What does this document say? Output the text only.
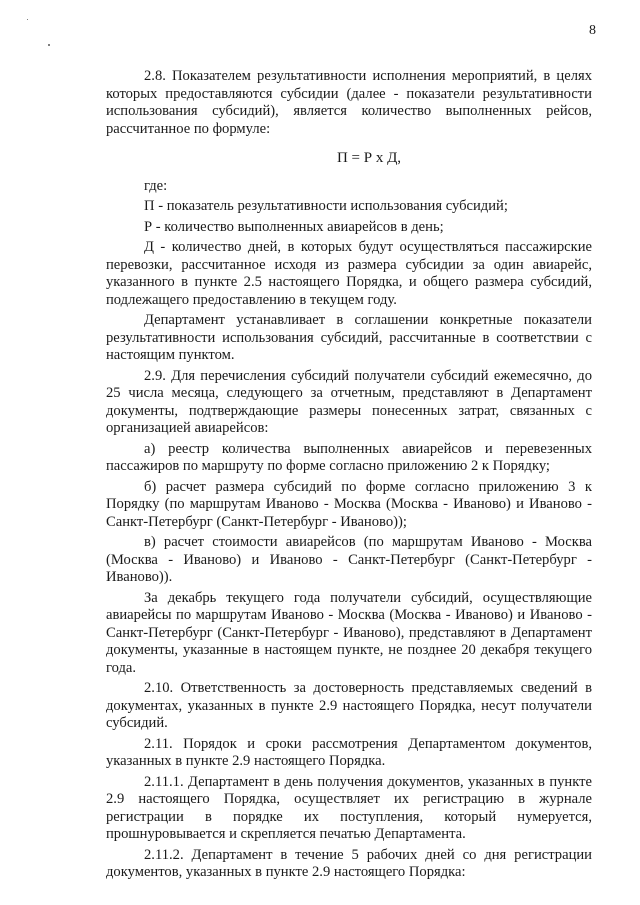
8

2.8. Показателем результативности исполнения мероприятий, в целях которых предоставляются субсидии (далее - показатели результативности использования субсидий), является количество выполненных рейсов, рассчитанное по формуле:

П = Р х Д,

где:

П - показатель результативности использования субсидий;

Р - количество выполненных авиарейсов в день;

Д - количество дней, в которых будут осуществляться пассажирские перевозки, рассчитанное исходя из размера субсидии за один авиарейс, указанного в пункте 2.5 настоящего Порядка, и общего размера субсидий, подлежащего предоставлению в текущем году.

Департамент устанавливает в соглашении конкретные показатели результативности использования субсидий, рассчитанные в соответствии с настоящим пунктом.

2.9. Для перечисления субсидий получатели субсидий ежемесячно, до 25 числа месяца, следующего за отчетным, представляют в Департамент документы, подтверждающие размеры понесенных затрат, связанных с организацией авиарейсов:

а) реестр количества выполненных авиарейсов и перевезенных пассажиров по маршруту по форме согласно приложению 2 к Порядку;

б) расчет размера субсидий по форме согласно приложению 3 к Порядку (по маршрутам Иваново - Москва (Москва - Иваново) и Иваново - Санкт-Петербург (Санкт-Петербург - Иваново));

в) расчет стоимости авиарейсов (по маршрутам Иваново - Москва (Москва - Иваново) и Иваново - Санкт-Петербург (Санкт-Петербург - Иваново)).

За декабрь текущего года получатели субсидий, осуществляющие авиарейсы по маршрутам Иваново - Москва (Москва - Иваново) и Иваново - Санкт-Петербург (Санкт-Петербург - Иваново), представляют в Департамент документы, указанные в настоящем пункте, не позднее 20 декабря текущего года.

2.10. Ответственность за достоверность представляемых сведений в документах, указанных в пункте 2.9 настоящего Порядка, несут получатели субсидий.

2.11. Порядок и сроки рассмотрения Департаментом документов, указанных в пункте 2.9 настоящего Порядка.

2.11.1. Департамент в день получения документов, указанных в пункте 2.9 настоящего Порядка, осуществляет их регистрацию в журнале регистрации в порядке их поступления, который нумеруется, прошнуровывается и скрепляется печатью Департамента.

2.11.2. Департамент в течение 5 рабочих дней со дня регистрации документов, указанных в пункте 2.9 настоящего Порядка:
